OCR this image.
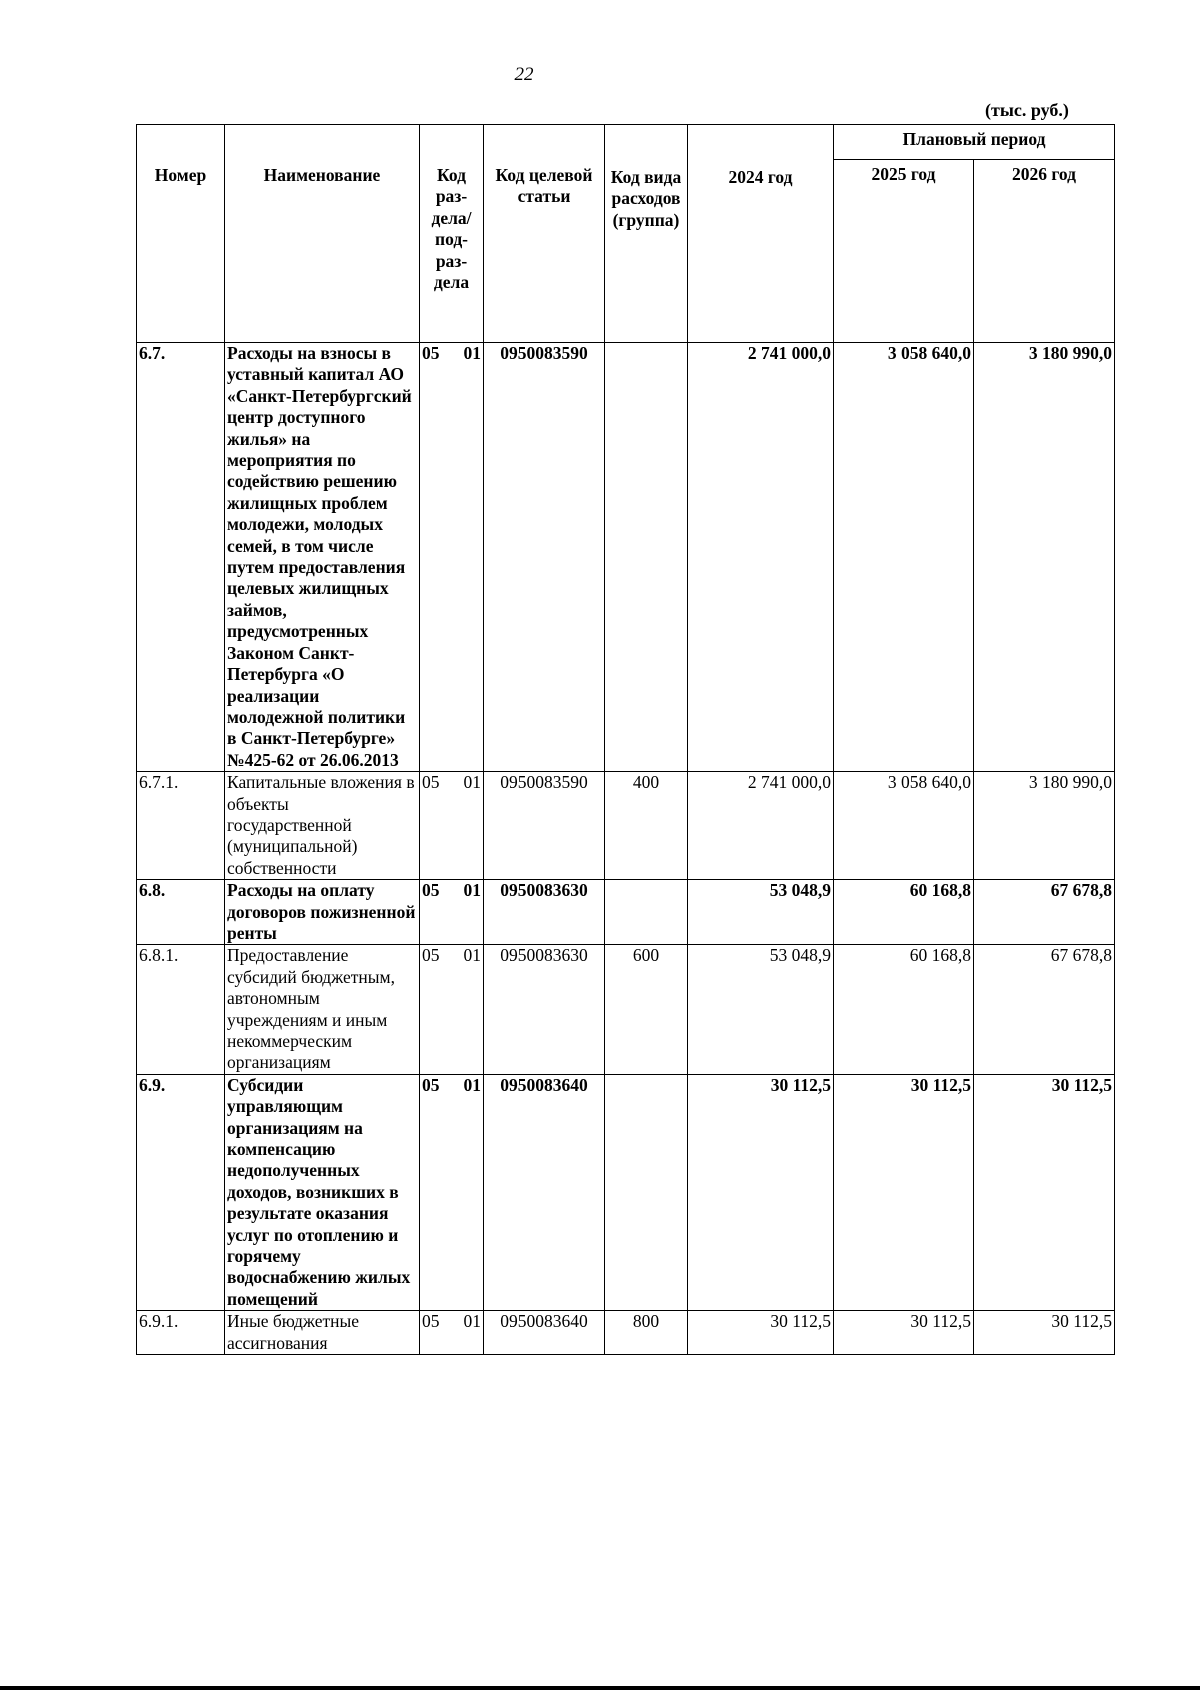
22
(тыс. руб.)
Номер	Наименование	Код раз-дела/ под-раз-дела	Код целевой статьи	Код вида расходов (группа)	2024 год	Плановый период	
						2025 год	2026 год
6.7.	Расходы на взносы в уставный капитал АО «Санкт-Петербургский центр доступного жилья» на мероприятия по содействию решению жилищных проблем молодежи, молодых семей, в том числе путем предоставления целевых жилищных займов, предусмотренных Законом Санкт-Петербурга «О реализации молодежной политики в Санкт-Петербурге» №425-62 от 26.06.2013	05 01	0950083590		2 741 000,0	3 058 640,0	3 180 990,0
6.7.1.	Капитальные вложения в объекты государственной (муниципальной) собственности	05 01	0950083590	400	2 741 000,0	3 058 640,0	3 180 990,0
6.8.	Расходы на оплату договоров пожизненной ренты	05 01	0950083630		53 048,9	60 168,8	67 678,8
6.8.1.	Предоставление субсидий бюджетным, автономным учреждениям и иным некоммерческим организациям	05 01	0950083630	600	53 048,9	60 168,8	67 678,8
6.9.	Субсидии управляющим организациям на компенсацию недополученных доходов, возникших в результате оказания услуг по отоплению и горячему водоснабжению жилых помещений	05 01	0950083640		30 112,5	30 112,5	30 112,5
6.9.1.	Иные бюджетные ассигнования	05 01	0950083640	800	30 112,5	30 112,5	30 112,5
